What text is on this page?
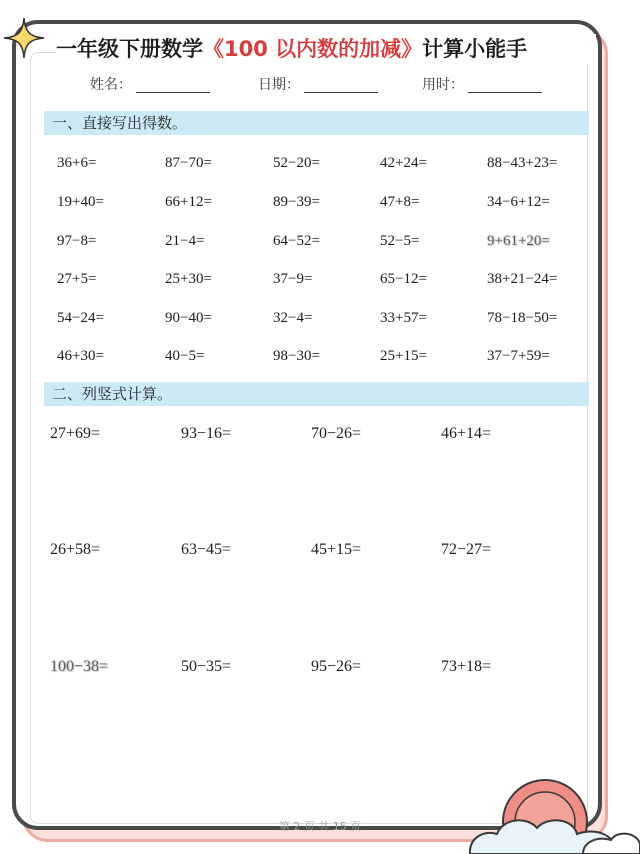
一年级下册数学《100 以内数的加减》计算小能手
姓名：	日期：	用时：
一、直接写出得数。
36+6=	87−70=	52−20=	42+24=	88−43+23=
19+40=	66+12=	89−39=	47+8=	34−6+12=
97−8=	21−4=	64−52=	52−5=	9+61+20=
27+5=	25+30=	37−9=	65−12=	38+21−24=
54−24=	90−40=	32−4=	33+57=	78−18−50=
46+30=	40−5=	98−30=	25+15=	37−7+59=
二、列竖式计算。
27+69=	93−16=	70−26=	46+14=
26+58=	63−45=	45+15=	72−27=
100−38=	50−35=	95−26=	73+18=
第 2 页 共 15 页
